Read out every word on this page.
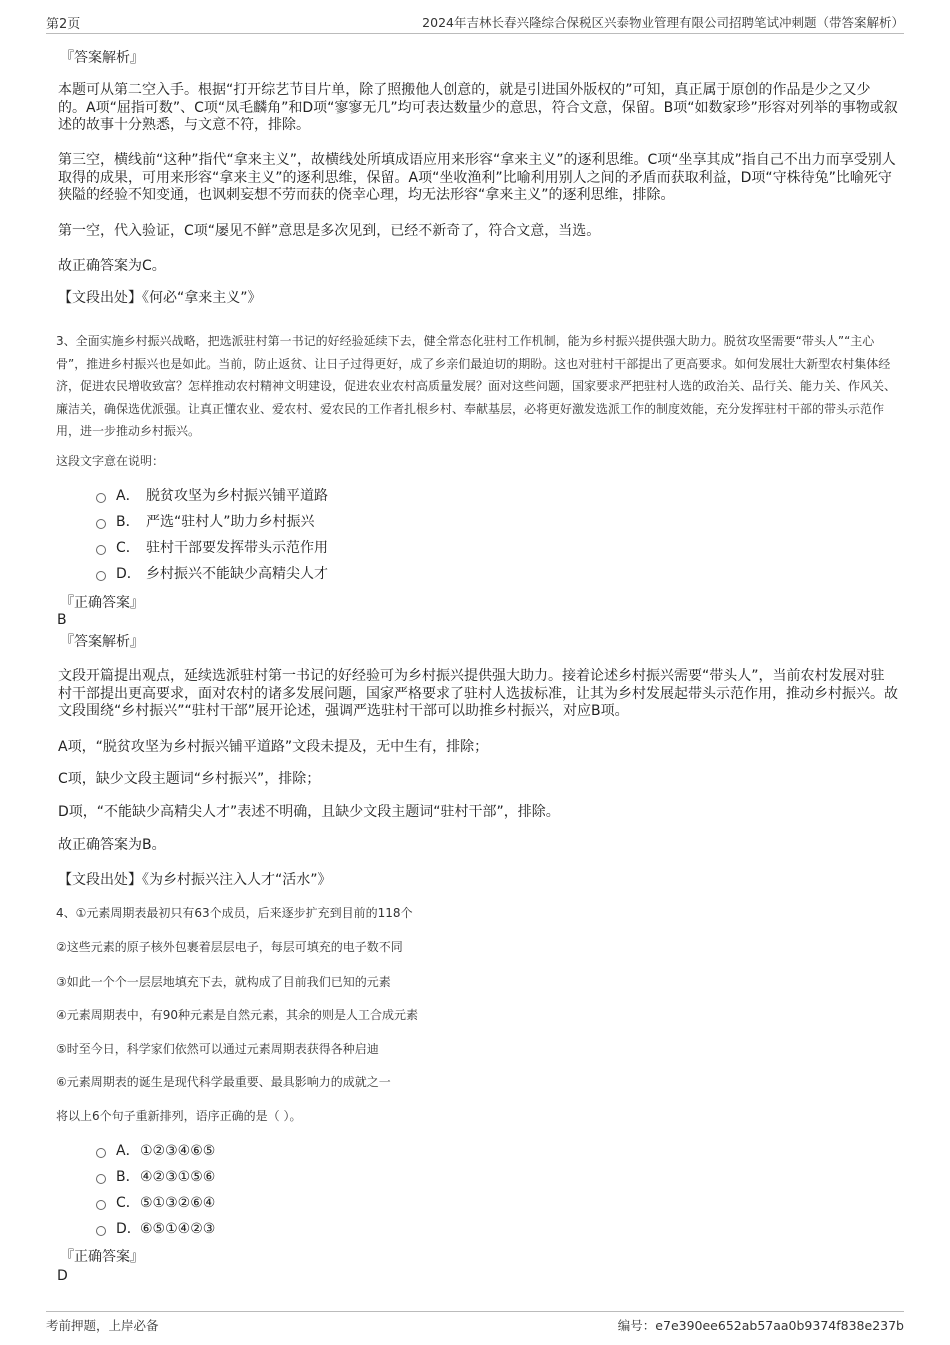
第2页	2024年吉林长春兴隆综合保税区兴泰物业管理有限公司招聘笔试冲刺题（带答案解析）

『答案解析』

本题可从第二空入手。根据“打开综艺节目片单，除了照搬他人创意的，就是引进国外版权的”可知，真正属于原创的作品是少之又少的。A项“屈指可数”、C项“凤毛麟角”和D项“寥寥无几”均可表达数量少的意思，符合文意，保留。B项“如数家珍”形容对列举的事物或叙述的故事十分熟悉，与文意不符，排除。

第三空，横线前“这种”指代“拿来主义”，故横线处所填成语应用来形容“拿来主义”的逐利思维。C项“坐享其成”指自己不出力而享受别人取得的成果，可用来形容“拿来主义”的逐利思维，保留。A项“坐收渔利”比喻利用别人之间的矛盾而获取利益，D项“守株待兔”比喻死守狭隘的经验不知变通，也讽刺妄想不劳而获的侥幸心理，均无法形容“拿来主义”的逐利思维，排除。

第一空，代入验证，C项“屡见不鲜”意思是多次见到，已经不新奇了，符合文意，当选。

故正确答案为C。

【文段出处】《何必“拿来主义”》

3、全面实施乡村振兴战略，把选派驻村第一书记的好经验延续下去，健全常态化驻村工作机制，能为乡村振兴提供强大助力。脱贫攻坚需要“带头人”“主心骨”，推进乡村振兴也是如此。当前，防止返贫、让日子过得更好，成了乡亲们最迫切的期盼。这也对驻村干部提出了更高要求。如何发展壮大新型农村集体经济，促进农民增收致富？怎样推动农村精神文明建设，促进农业农村高质量发展？面对这些问题，国家要求严把驻村人选的政治关、品行关、能力关、作风关、廉洁关，确保选优派强。让真正懂农业、爱农村、爱农民的工作者扎根乡村、奉献基层，必将更好激发选派工作的制度效能，充分发挥驻村干部的带头示范作用，进一步推动乡村振兴。

这段文字意在说明：

A． 脱贫攻坚为乡村振兴铺平道路
B． 严选“驻村人”助力乡村振兴
C． 驻村干部要发挥带头示范作用
D． 乡村振兴不能缺少高精尖人才

『正确答案』

B

『答案解析』

文段开篇提出观点，延续选派驻村第一书记的好经验可为乡村振兴提供强大助力。接着论述乡村振兴需要“带头人”，当前农村发展对驻村干部提出更高要求，面对农村的诸多发展问题，国家严格要求了驻村人选拔标准，让其为乡村发展起带头示范作用，推动乡村振兴。故文段围绕“乡村振兴”“驻村干部”展开论述，强调严选驻村干部可以助推乡村振兴，对应B项。

A项，“脱贫攻坚为乡村振兴铺平道路”文段未提及，无中生有，排除；

C项，缺少文段主题词“乡村振兴”，排除；

D项，“不能缺少高精尖人才”表述不明确，且缺少文段主题词“驻村干部”，排除。

故正确答案为B。

【文段出处】《为乡村振兴注入人才“活水”》

4、①元素周期表最初只有63个成员，后来逐步扩充到目前的118个

②这些元素的原子核外包裹着层层电子，每层可填充的电子数不同

③如此一个个一层层地填充下去，就构成了目前我们已知的元素

④元素周期表中，有90种元素是自然元素，其余的则是人工合成元素

⑤时至今日，科学家们依然可以通过元素周期表获得各种启迪

⑥元素周期表的诞生是现代科学最重要、最具影响力的成就之一

将以上6个句子重新排列，语序正确的是（ ）。

A． ①②③④⑥⑤
B． ④②③①⑤⑥
C． ⑤①③②⑥④
D． ⑥⑤①④②③

『正确答案』

D

考前押题，上岸必备	编号：e7e390ee652ab57aa0b9374f838e237b
